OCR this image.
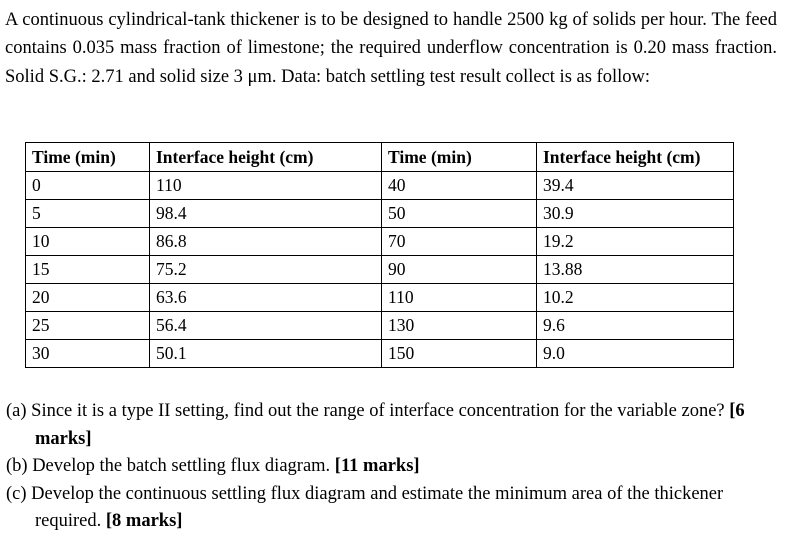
A continuous cylindrical-tank thickener is to be designed to handle 2500 kg of solids per hour. The feed contains 0.035 mass fraction of limestone; the required underflow concentration is 0.20 mass fraction. Solid S.G.: 2.71 and solid size 3 μm. Data: batch settling test result collect is as follow:
Time (min)	Interface height (cm)	Time (min)	Interface height (cm)
0	110	40	39.4
5	98.4	50	30.9
10	86.8	70	19.2
15	75.2	90	13.88
20	63.6	110	10.2
25	56.4	130	9.6
30	50.1	150	9.0
(a) Since it is a type II setting, find out the range of interface concentration for the variable zone? [6 marks]
(b) Develop the batch settling flux diagram. [11 marks]
(c) Develop the continuous settling flux diagram and estimate the minimum area of the thickener required. [8 marks]
